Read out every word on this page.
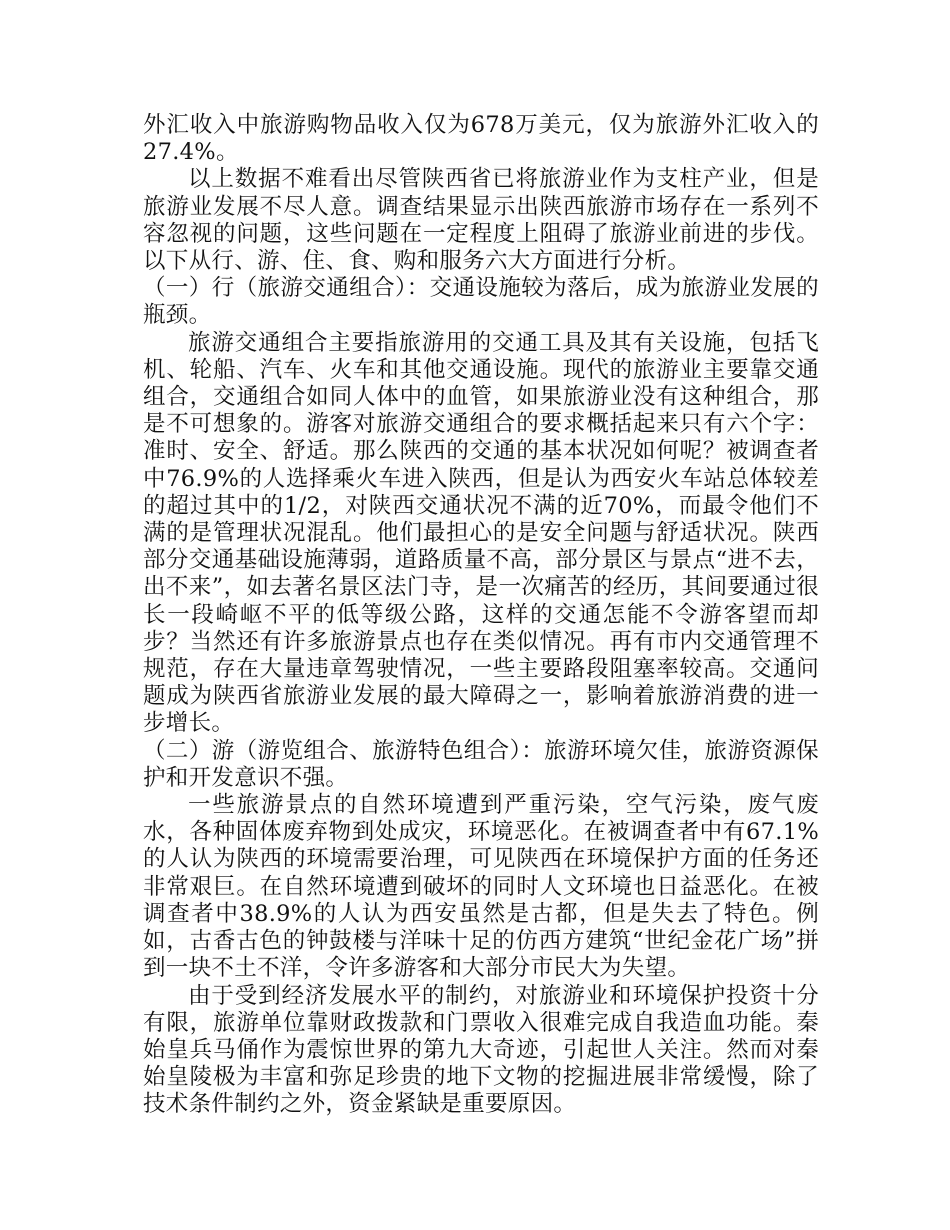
外汇收入中旅游购物品收入仅为678万美元，仅为旅游外汇收入的27.4%。

以上数据不难看出尽管陕西省已将旅游业作为支柱产业，但是旅游业发展不尽人意。调查结果显示出陕西旅游市场存在一系列不容忽视的问题，这些问题在一定程度上阻碍了旅游业前进的步伐。以下从行、游、住、食、购和服务六大方面进行分析。

（一）行（旅游交通组合）：交通设施较为落后，成为旅游业发展的瓶颈。

旅游交通组合主要指旅游用的交通工具及其有关设施，包括飞机、轮船、汽车、火车和其他交通设施。现代的旅游业主要靠交通组合，交通组合如同人体中的血管，如果旅游业没有这种组合，那是不可想象的。游客对旅游交通组合的要求概括起来只有六个字：准时、安全、舒适。那么陕西的交通的基本状况如何呢？被调查者中76.9%的人选择乘火车进入陕西，但是认为西安火车站总体较差的超过其中的1/2，对陕西交通状况不满的近70%，而最令他们不满的是管理状况混乱。他们最担心的是安全问题与舒适状况。陕西部分交通基础设施薄弱，道路质量不高，部分景区与景点“进不去，出不来”，如去著名景区法门寺，是一次痛苦的经历，其间要通过很长一段崎岖不平的低等级公路，这样的交通怎能不令游客望而却步？当然还有许多旅游景点也存在类似情况。再有市内交通管理不规范，存在大量违章驾驶情况，一些主要路段阻塞率较高。交通问题成为陕西省旅游业发展的最大障碍之一，影响着旅游消费的进一步增长。

（二）游（游览组合、旅游特色组合）：旅游环境欠佳，旅游资源保护和开发意识不强。

一些旅游景点的自然环境遭到严重污染，空气污染，废气废水，各种固体废弃物到处成灾，环境恶化。在被调查者中有67.1%的人认为陕西的环境需要治理，可见陕西在环境保护方面的任务还非常艰巨。在自然环境遭到破坏的同时人文环境也日益恶化。在被调查者中38.9%的人认为西安虽然是古都，但是失去了特色。例如，古香古色的钟鼓楼与洋味十足的仿西方建筑“世纪金花广场”拼到一块不土不洋，令许多游客和大部分市民大为失望。

由于受到经济发展水平的制约，对旅游业和环境保护投资十分有限，旅游单位靠财政拨款和门票收入很难完成自我造血功能。秦始皇兵马俑作为震惊世界的第九大奇迹，引起世人关注。然而对秦始皇陵极为丰富和弥足珍贵的地下文物的挖掘进展非常缓慢，除了技术条件制约之外，资金紧缺是重要原因。
